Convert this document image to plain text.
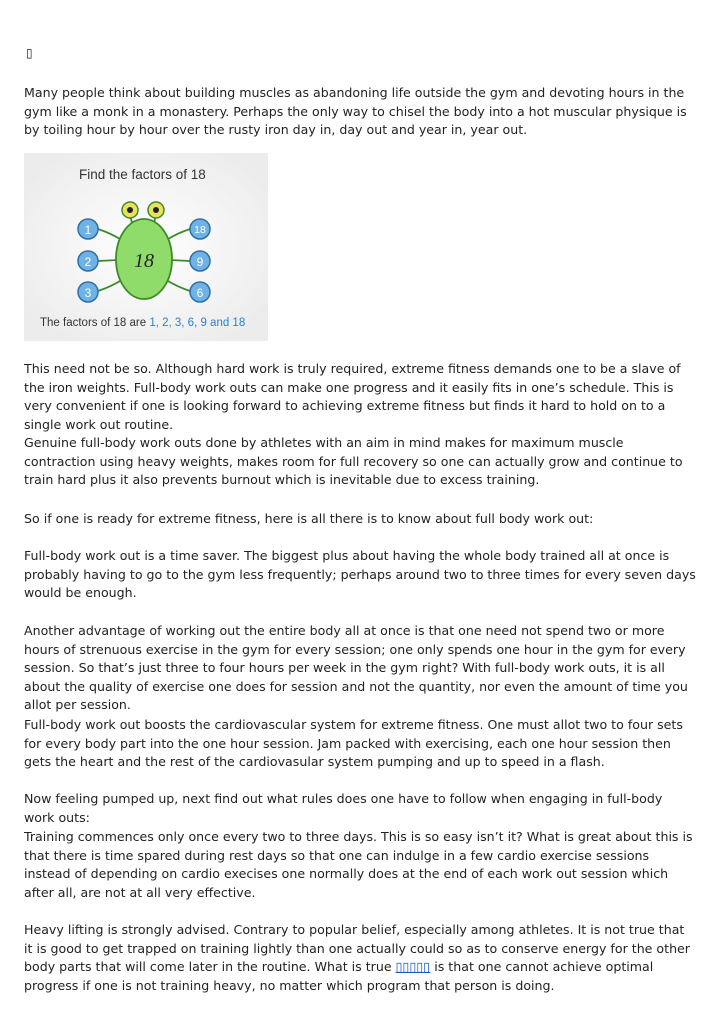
▯

Many people think about building muscles as abandoning life outside the gym and devoting hours in the gym like a monk in a monastery. Perhaps the only way to chisel the body into a hot muscular physique is by toiling hour by hour over the rusty iron day in, day out and year in, year out.

Find the factors of 18
18
1
2
3
18
9
6
The factors of 18 are 1, 2, 3, 6, 9 and 18

This need not be so. Although hard work is truly required, extreme fitness demands one to be a slave of the iron weights. Full-body work outs can make one progress and it easily fits in one’s schedule. This is very convenient if one is looking forward to achieving extreme fitness but finds it hard to hold on to a single work out routine.

Genuine full-body work outs done by athletes with an aim in mind makes for maximum muscle contraction using heavy weights, makes room for full recovery so one can actually grow and continue to train hard plus it also prevents burnout which is inevitable due to excess training.

So if one is ready for extreme fitness, here is all there is to know about full body work out:

Full-body work out is a time saver. The biggest plus about having the whole body trained all at once is probably having to go to the gym less frequently; perhaps around two to three times for every seven days would be enough.

Another advantage of working out the entire body all at once is that one need not spend two or more hours of strenuous exercise in the gym for every session; one only spends one hour in the gym for every session. So that’s just three to four hours per week in the gym right? With full-body work outs, it is all about the quality of exercise one does for session and not the quantity, nor even the amount of time you allot per session.

Full-body work out boosts the cardiovascular system for extreme fitness. One must allot two to four sets for every body part into the one hour session. Jam packed with exercising, each one hour session then gets the heart and the rest of the cardiovasular system pumping and up to speed in a flash.

Now feeling pumped up, next find out what rules does one have to follow when engaging in full-body work outs:

Training commences only once every two to three days. This is so easy isn’t it? What is great about this is that there is time spared during rest days so that one can indulge in a few cardio exercise sessions instead of depending on cardio execises one normally does at the end of each work out session which after all, are not at all very effective.

Heavy lifting is strongly advised. Contrary to popular belief, especially among athletes. It is not true that it is good to get trapped on training lightly than one actually could so as to conserve energy for the other body parts that will come later in the routine. What is true ▯▯▯▯▯ is that one cannot achieve optimal progress if one is not training heavy, no matter which program that person is doing.
